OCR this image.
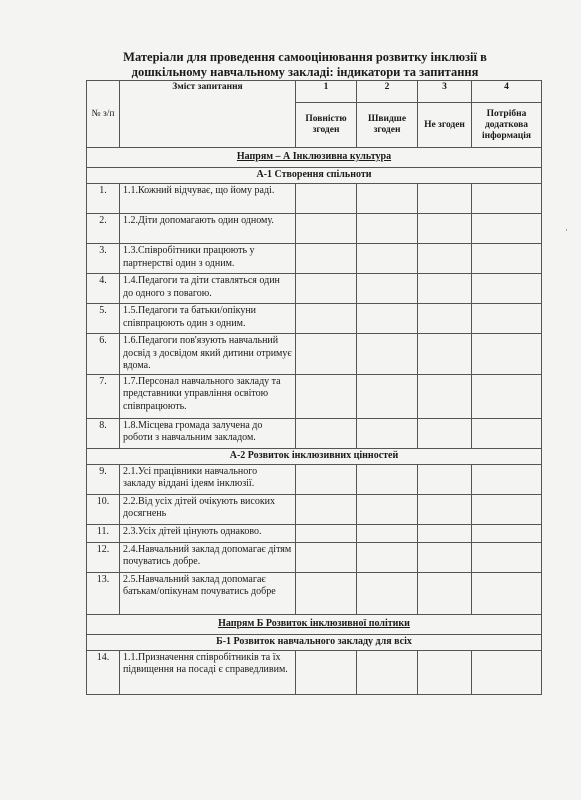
Матеріали для проведення самооцінювання розвитку інклюзії в
дошкільному навчальному закладі: індикатори та запитання
№ з/п	Зміст запитання	1	2	3	4
		Повністю згоден	Швидше згоден	Не згоден	Потрібна додаткова інформація
Напрям – А Інклюзивна культура					
А-1 Створення спільноти					
1.	1.1.Кожний відчуває, що йому раді.				
2.	1.2.Діти допомагають один одному.				
3.	1.3.Співробітники працюють у партнерстві один з одним.				
4.	1.4.Педагоги та діти ставляться один до одного з повагою.				
5.	1.5.Педагоги та батьки/опікуни співпрацюють один з одним.				
6.	1.6.Педагоги пов'язують навчальний досвід з досвідом який дитини отримує вдома.				
7.	1.7.Персонал навчального закладу та представники управління освітою співпрацюють.				
8.	1.8.Місцева громада залучена до роботи з навчальним закладом.				
А-2 Розвиток інклюзивних цінностей					
9.	2.1.Усі працівники навчального закладу віддані ідеям інклюзії.				
10.	2.2.Від усіх дітей очікують високих досягнень				
11.	2.3.Усіх дітей цінують однаково.				
12.	2.4.Навчальний заклад допомагає дітям почуватись добре.				
13.	2.5.Навчальний заклад допомагає батькам/опікунам почуватись добре				
Напрям Б Розвиток інклюзивної політики					
Б-1 Розвиток навчального закладу для всіх					
14.	1.1.Призначення співробітників та їх підвищення на посаді є справедливим.				
·
